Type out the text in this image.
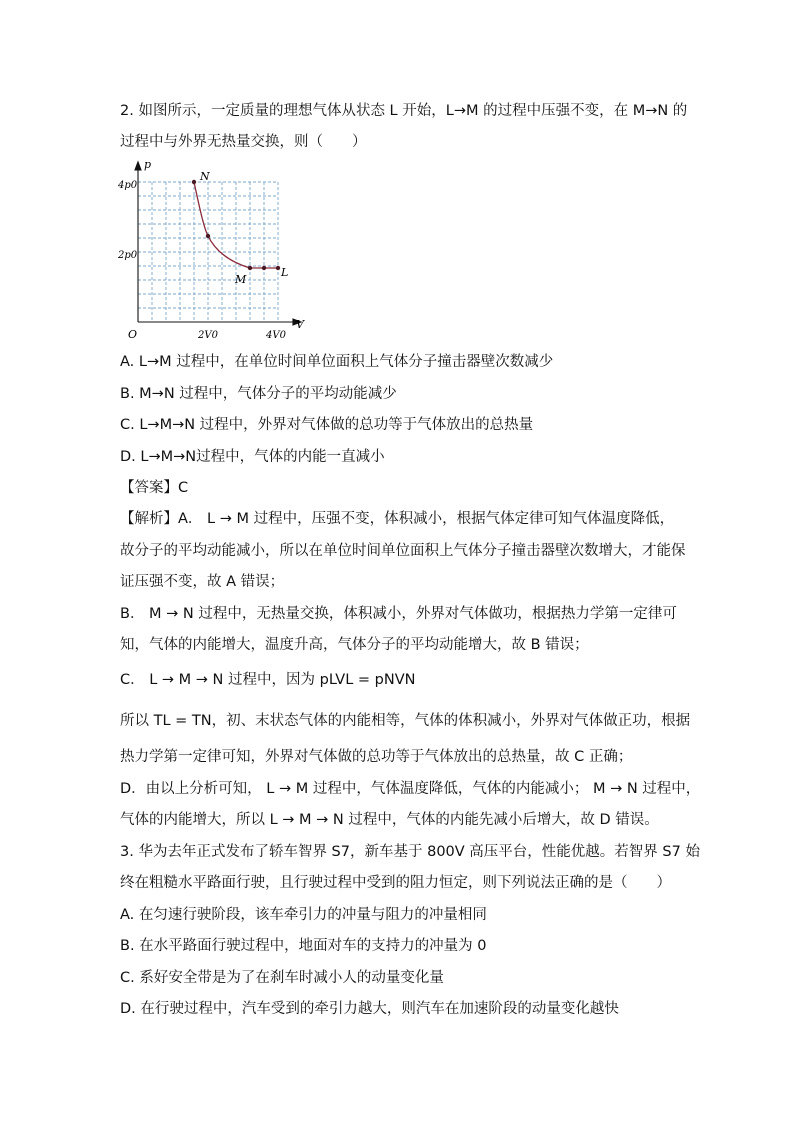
2. 如图所示，一定质量的理想气体从状态 L 开始，L→M 的过程中压强不变，在 M→N 的
过程中与外界无热量交换，则（　　）
p
V
O
4p0
2p0
2V0	4V0
N
M
L
A. L→M 过程中，在单位时间单位面积上气体分子撞击器壁次数减少
B. M→N 过程中，气体分子的平均动能减少
C. L→M→N 过程中，外界对气体做的总功等于气体放出的总热量
D. L→M→N过程中，气体的内能一直减小
【答案】C
【解析】A． L → M 过程中，压强不变，体积减小，根据气体定律可知气体温度降低，
故分子的平均动能减小，所以在单位时间单位面积上气体分子撞击器壁次数增大，才能保
证压强不变，故 A 错误；
B． M → N 过程中，无热量交换，体积减小，外界对气体做功，根据热力学第一定律可
知，气体的内能增大，温度升高，气体分子的平均动能增大，故 B 错误；
C． L → M → N 过程中，因为 pLVL = pNVN
所以 TL = TN，初、末状态气体的内能相等，气体的体积减小，外界对气体做正功，根据
热力学第一定律可知，外界对气体做的总功等于气体放出的总热量，故 C 正确；
D．由以上分析可知， L → M 过程中，气体温度降低，气体的内能减小； M → N 过程中，
气体的内能增大，所以 L → M → N 过程中，气体的内能先减小后增大，故 D 错误。
3. 华为去年正式发布了轿车智界 S7，新车基于 800V 高压平台，性能优越。若智界 S7 始
终在粗糙水平路面行驶，且行驶过程中受到的阻力恒定，则下列说法正确的是（　　）
A. 在匀速行驶阶段，该车牵引力的冲量与阻力的冲量相同
B. 在水平路面行驶过程中，地面对车的支持力的冲量为 0
C. 系好安全带是为了在刹车时减小人的动量变化量
D. 在行驶过程中，汽车受到的牵引力越大，则汽车在加速阶段的动量变化越快
